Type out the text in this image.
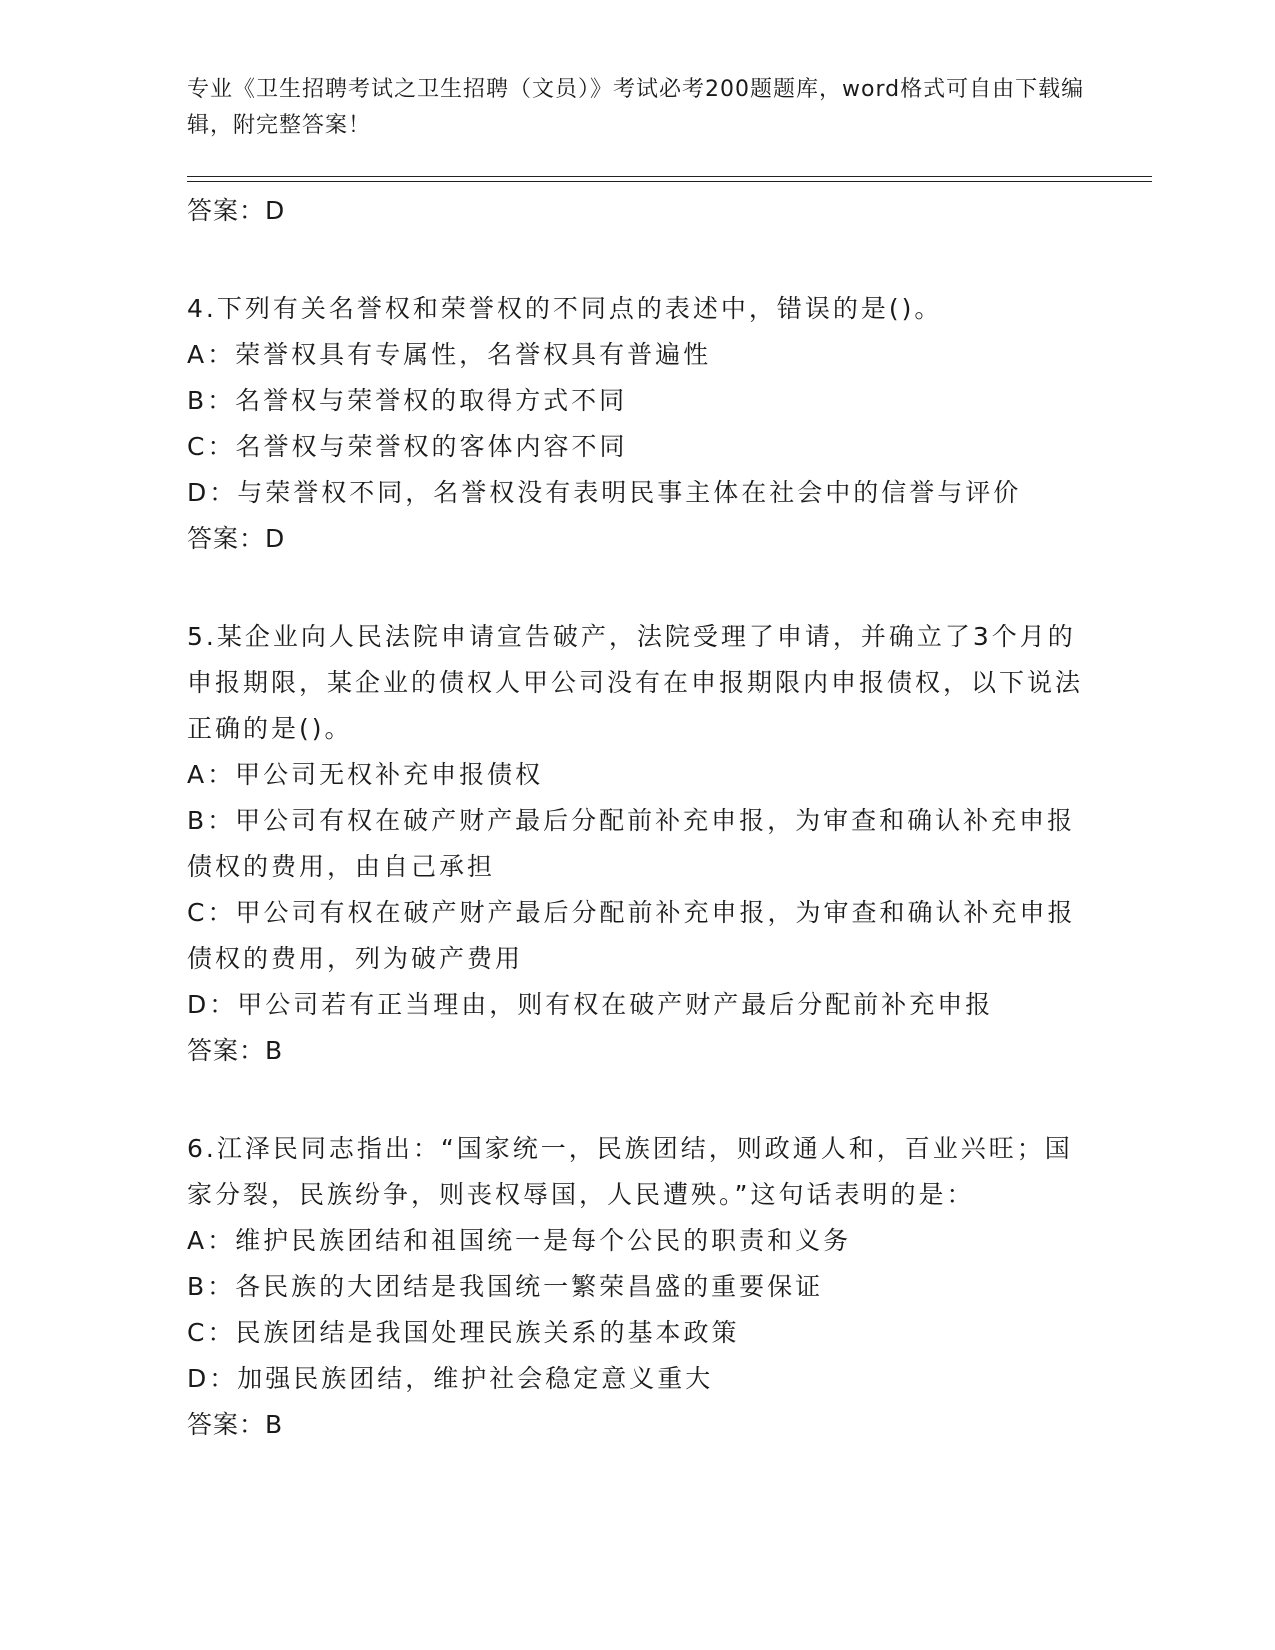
专业《卫生招聘考试之卫生招聘（文员）》考试必考200题题库，word格式可自由下载编辑，附完整答案！
答案：D
4.下列有关名誉权和荣誉权的不同点的表述中，错误的是()。
A：荣誉权具有专属性，名誉权具有普遍性
B：名誉权与荣誉权的取得方式不同
C：名誉权与荣誉权的客体内容不同
D：与荣誉权不同，名誉权没有表明民事主体在社会中的信誉与评价
答案：D
5.某企业向人民法院申请宣告破产，法院受理了申请，并确立了3个月的申报期限，某企业的债权人甲公司没有在申报期限内申报债权，以下说法正确的是()。
A：甲公司无权补充申报债权
B：甲公司有权在破产财产最后分配前补充申报，为审查和确认补充申报债权的费用，由自己承担
C：甲公司有权在破产财产最后分配前补充申报，为审查和确认补充申报债权的费用，列为破产费用
D：甲公司若有正当理由，则有权在破产财产最后分配前补充申报
答案：B
6.江泽民同志指出：“国家统一，民族团结，则政通人和，百业兴旺；国家分裂，民族纷争，则丧权辱国，人民遭殃。”这句话表明的是：
A：维护民族团结和祖国统一是每个公民的职责和义务
B：各民族的大团结是我国统一繁荣昌盛的重要保证
C：民族团结是我国处理民族关系的基本政策
D：加强民族团结，维护社会稳定意义重大
答案：B
